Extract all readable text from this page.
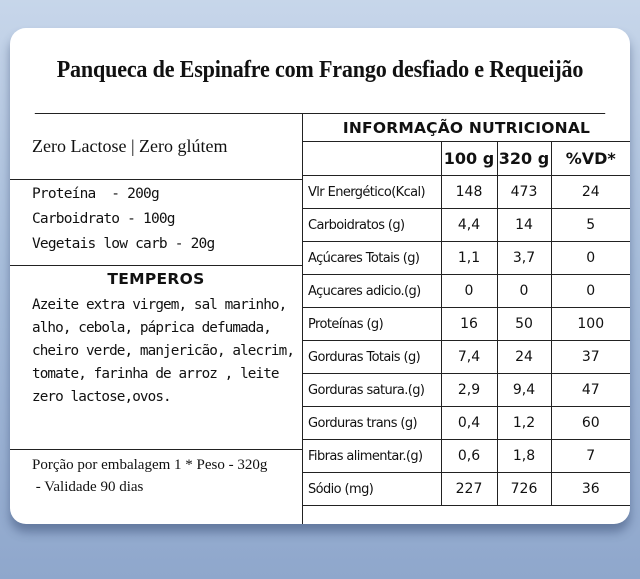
Panqueca de Espinafre com Frango desfiado e Requeijão
Zero Lactose | Zero glútem
Proteína  - 200g
Carboidrato - 100g
Vegetais low carb - 20g
TEMPEROS
Azeite extra virgem, sal marinho,
alho, cebola, páprica defumada,
cheiro verde, manjericão, alecrim,
tomate, farinha de arroz , leite
zero lactose,ovos.
Porção por embalagem 1 * Peso - 320g
- Validade 90 dias
INFORMAÇÃO NUTRICIONAL
	100 g	320 g	%VD*
Vlr Energético(Kcal)	148	473	24
Carboidratos (g)	4,4	14	5
Açúcares Totais (g)	1,1	3,7	0
Açucares adicio.(g)	0	0	0
Proteínas (g)	16	50	100
Gorduras Totais (g)	7,4	24	37
Gorduras satura.(g)	2,9	9,4	47
Gorduras trans (g)	0,4	1,2	60
Fibras alimentar.(g)	0,6	1,8	7
Sódio (mg)	227	726	36
